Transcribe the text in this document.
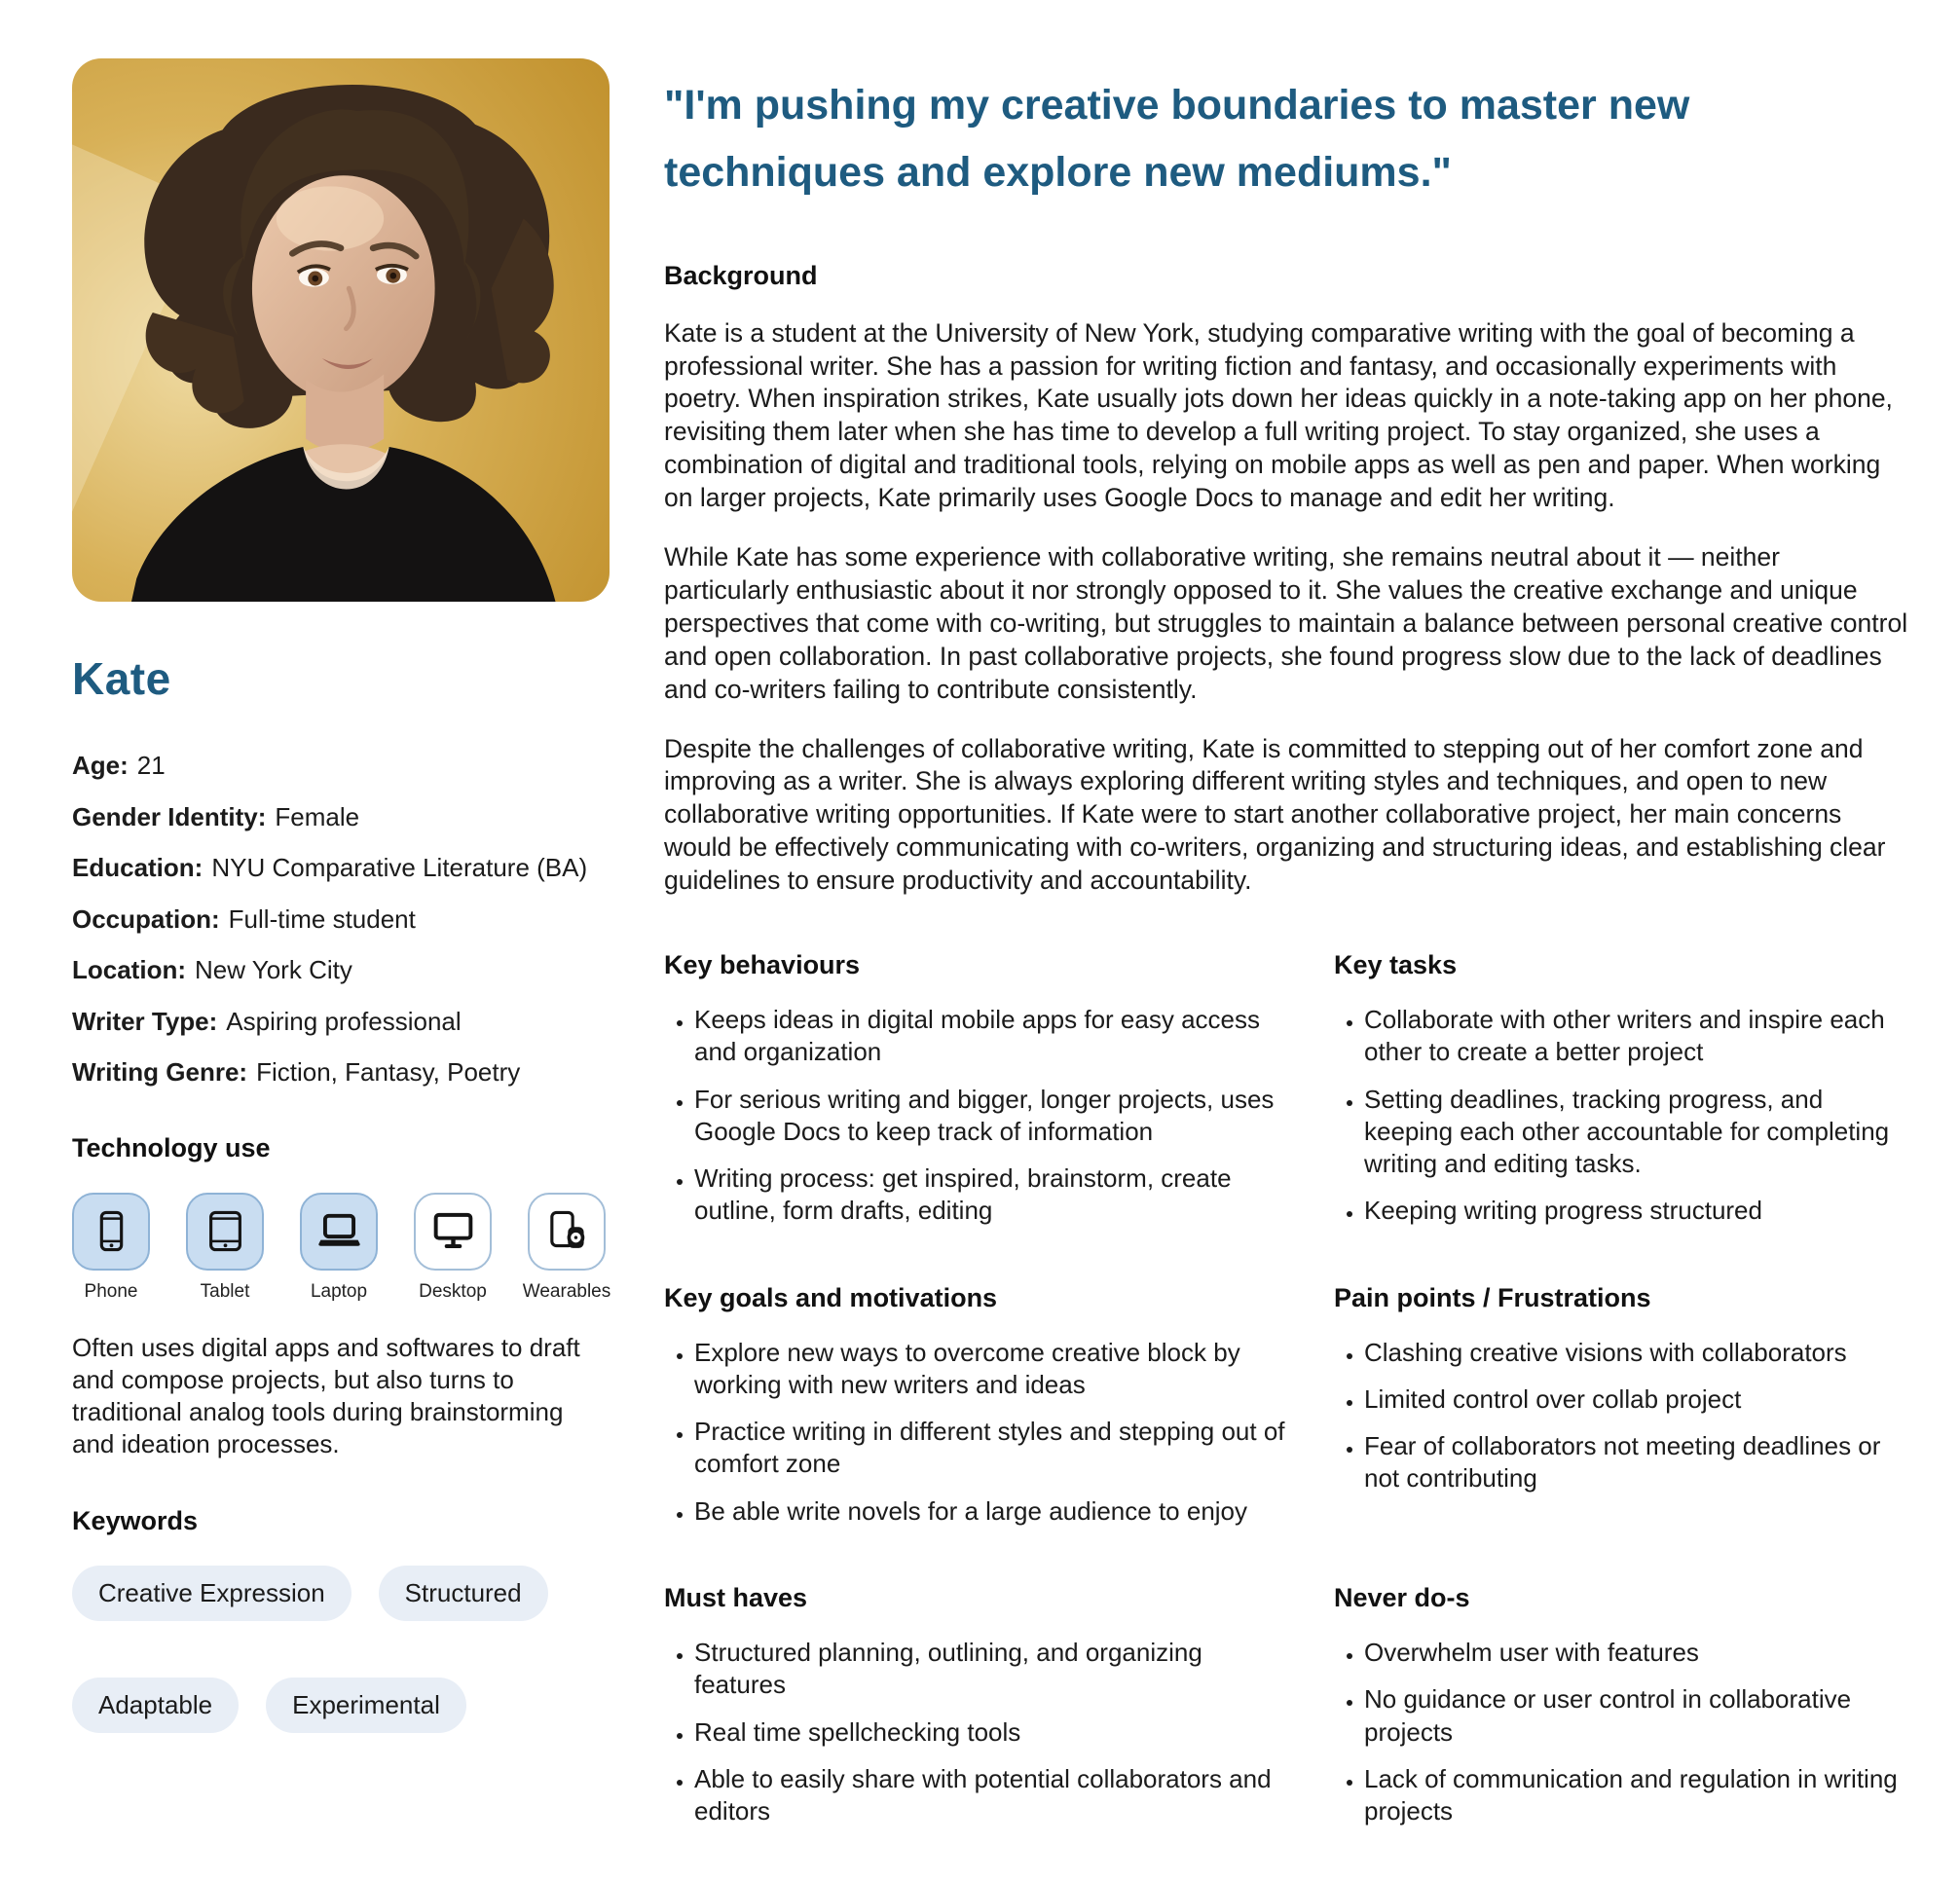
Kate
Age: 21
Gender Identity: Female
Education: NYU Comparative Literature (BA)
Occupation: Full-time student
Location: New York City
Writer Type: Aspiring professional
Writing Genre: Fiction, Fantasy, Poetry
Technology use
Phone	Tablet	Laptop	Desktop Wearables

Often uses digital apps and softwares to draft and compose projects, but also turns to traditional analog tools during brainstorming and ideation processes.

Keywords
Creative Expression	Structured
Adaptable	Experimental

"I'm pushing my creative boundaries to master new techniques and explore new mediums."

Background

Kate is a student at the University of New York, studying comparative writing with the goal of becoming a professional writer. She has a passion for writing fiction and fantasy, and occasionally experiments with poetry. When inspiration strikes, Kate usually jots down her ideas quickly in a note-taking app on her phone, revisiting them later when she has time to develop a full writing project. To stay organized, she uses a combination of digital and traditional tools, relying on mobile apps as well as pen and paper. When working on larger projects, Kate primarily uses Google Docs to manage and edit her writing.

While Kate has some experience with collaborative writing, she remains neutral about it — neither particularly enthusiastic about it nor strongly opposed to it. She values the creative exchange and unique perspectives that come with co-writing, but struggles to maintain a balance between personal creative control and open collaboration. In past collaborative projects, she found progress slow due to the lack of deadlines and co-writers failing to contribute consistently.

Despite the challenges of collaborative writing, Kate is committed to stepping out of her comfort zone and improving as a writer. She is always exploring different writing styles and techniques, and open to new collaborative writing opportunities. If Kate were to start another collaborative project, her main concerns would be effectively communicating with co-writers, organizing and structuring ideas, and establishing clear guidelines to ensure productivity and accountability.

Key behaviours
• Keeps ideas in digital mobile apps for easy access and organization
• For serious writing and bigger, longer projects, uses Google Docs to keep track of information
• Writing process: get inspired, brainstorm, create outline, form drafts, editing
Key tasks
• Collaborate with other writers and inspire each other to create a better project
• Setting deadlines, tracking progress, and keeping each other accountable for completing writing and editing tasks.
• Keeping writing progress structured
Key goals and motivations
• Explore new ways to overcome creative block by working with new writers and ideas
• Practice writing in different styles and stepping out of comfort zone
• Be able write novels for a large audience to enjoy
Pain points / Frustrations
• Clashing creative visions with collaborators
• Limited control over collab project
• Fear of collaborators not meeting deadlines or not contributing
Must haves
• Structured planning, outlining, and organizing features
• Real time spellchecking tools
• Able to easily share with potential collaborators and editors
Never do-s
• Overwhelm user with features
• No guidance or user control in collaborative projects
• Lack of communication and regulation in writing projects
